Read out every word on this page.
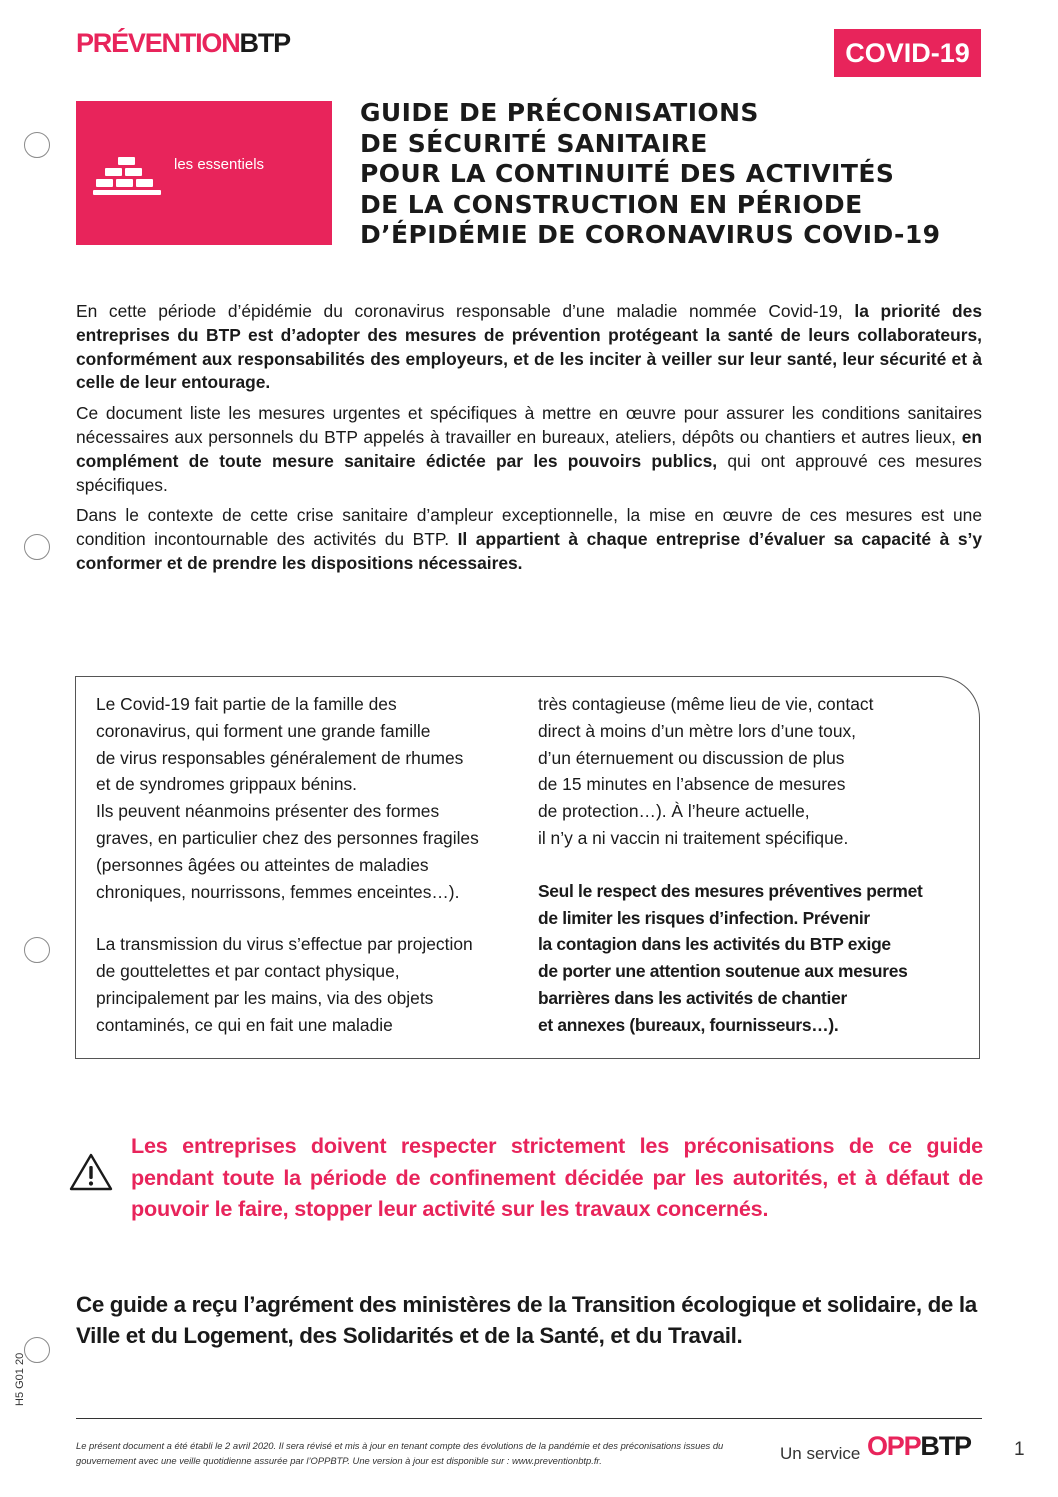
PRÉVENTIONBTP	COVID-19
les essentiels
GUIDE DE PRÉCONISATIONS
DE SÉCURITÉ SANITAIRE
POUR LA CONTINUITÉ DES ACTIVITÉS
DE LA CONSTRUCTION EN PÉRIODE
D’ÉPIDÉMIE DE CORONAVIRUS COVID-19

En cette période d’épidémie du coronavirus responsable d’une maladie nommée Covid-19, la priorité des entreprises du BTP est d’adopter des mesures de prévention protégeant la santé de leurs collaborateurs, conformément aux responsabilités des employeurs, et de les inciter à veiller sur leur santé, leur sécurité et à celle de leur entourage.

Ce document liste les mesures urgentes et spécifiques à mettre en œuvre pour assurer les conditions sanitaires nécessaires aux personnels du BTP appelés à travailler en bureaux, ateliers, dépôts ou chantiers et autres lieux, en complément de toute mesure sanitaire édictée par les pouvoirs publics, qui ont approuvé ces mesures spécifiques.

Dans le contexte de cette crise sanitaire d’ampleur exceptionnelle, la mise en œuvre de ces mesures est une condition incontournable des activités du BTP. Il appartient à chaque entreprise d’évaluer sa capacité à s’y conformer et de prendre les dispositions nécessaires.

Le Covid-19 fait partie de la famille des

coronavirus, qui forment une grande famille

de virus responsables généralement de rhumes

et de syndromes grippaux bénins.

Ils peuvent néanmoins présenter des formes

graves, en particulier chez des personnes fragiles

(personnes âgées ou atteintes de maladies

chroniques, nourrissons, femmes enceintes…).

La transmission du virus s’effectue par projection

de gouttelettes et par contact physique,

principalement par les mains, via des objets

contaminés, ce qui en fait une maladie

très contagieuse (même lieu de vie, contact

direct à moins d’un mètre lors d’une toux,

d’un éternuement ou discussion de plus

de 15 minutes en l’absence de mesures

de protection…). À l’heure actuelle,

il n’y a ni vaccin ni traitement spécifique.

Seul le respect des mesures préventives permet

de limiter les risques d’infection. Prévenir

la contagion dans les activités du BTP exige

de porter une attention soutenue aux mesures

barrières dans les activités de chantier

et annexes (bureaux, fournisseurs…).

Les entreprises doivent respecter strictement les préconisations de ce guide pendant toute la période de confinement décidée par les autorités, et à défaut de pouvoir le faire, stopper leur activité sur les travaux concernés.
Ce guide a reçu l’agrément des ministères de la Transition écologique et solidaire, de la Ville et du Logement, des Solidarités et de la Santé, et du Travail.
H5 G01 20
Le présent document a été établi le 2 avril 2020. Il sera révisé et mis à jour en tenant compte des évolutions de la pandémie et des préconisations issues du gouvernement avec une veille quotidienne assurée par l’OPPBTP. Une version à jour est disponible sur : www.preventionbtp.fr.	Un service OPPBTP 1
